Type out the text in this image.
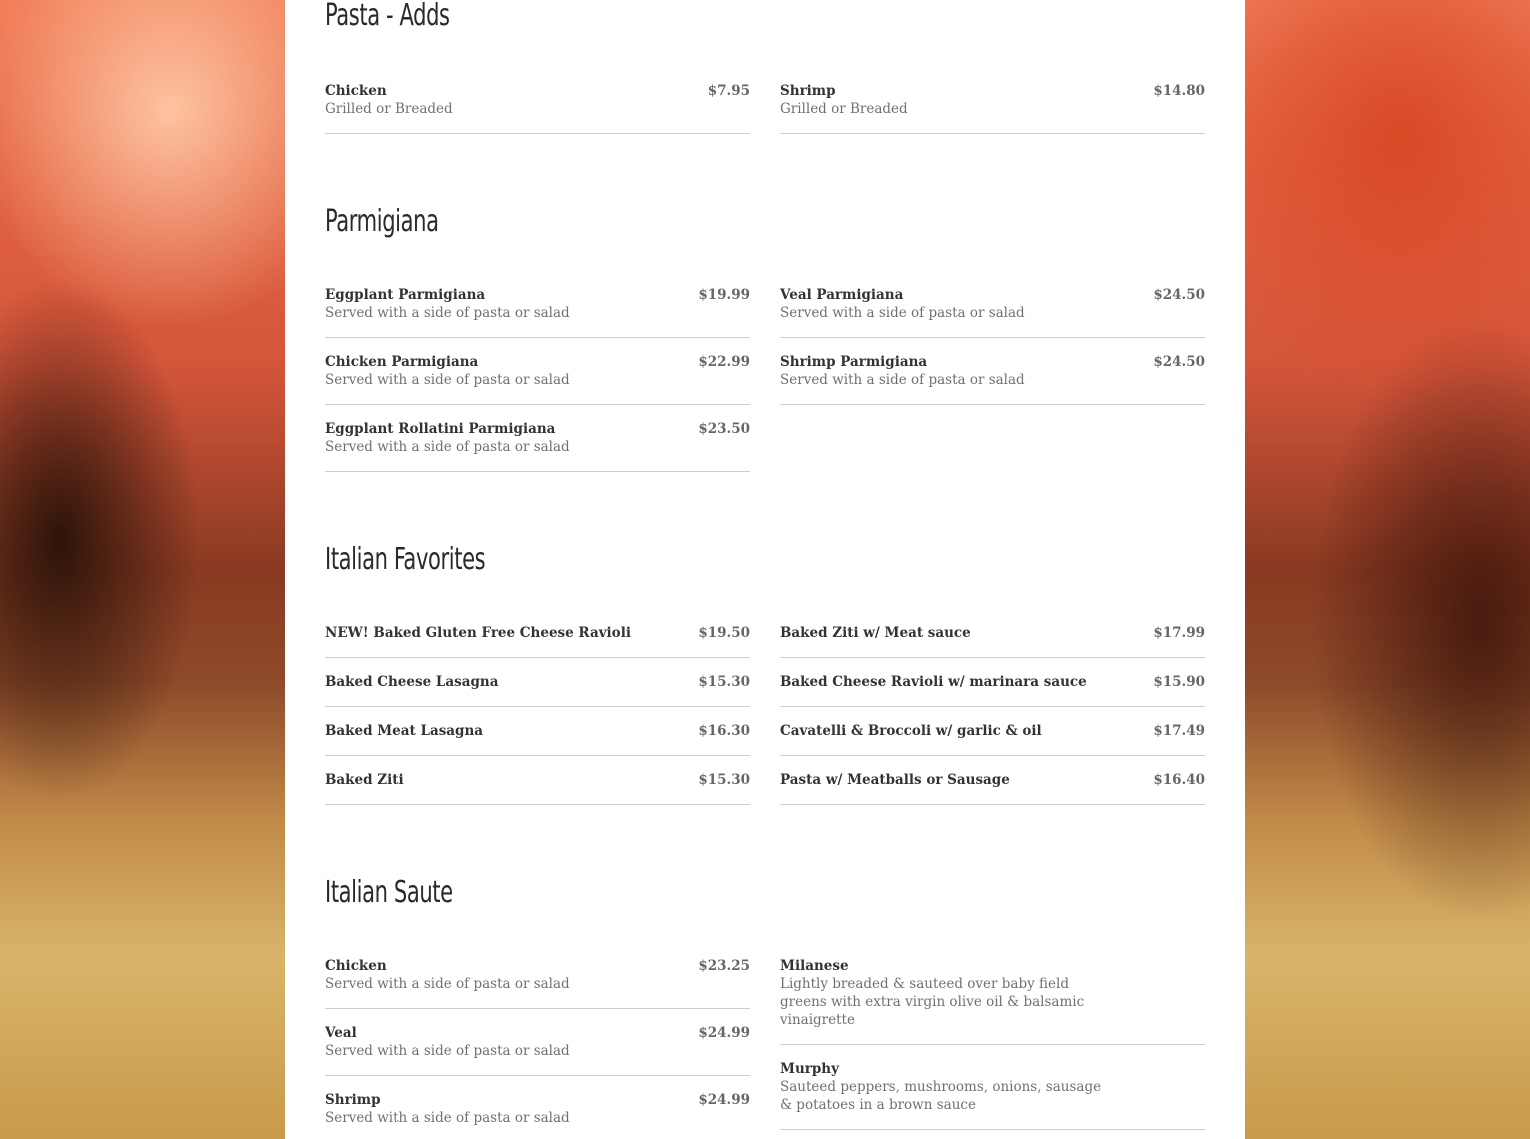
Pasta - Adds
Chicken	$7.95
Grilled or Breaded
Shrimp	$14.80
Grilled or Breaded
Parmigiana
Eggplant Parmigiana	$19.99
Served with a side of pasta or salad
Chicken Parmigiana	$22.99
Served with a side of pasta or salad
Eggplant Rollatini Parmigiana	$23.50
Served with a side of pasta or salad
Veal Parmigiana	$24.50
Served with a side of pasta or salad
Shrimp Parmigiana	$24.50
Served with a side of pasta or salad
Italian Favorites
NEW! Baked Gluten Free Cheese Ravioli	$19.50
Baked Cheese Lasagna	$15.30
Baked Meat Lasagna	$16.30
Baked Ziti	$15.30
Baked Ziti w/ Meat sauce	$17.99
Baked Cheese Ravioli w/ marinara sauce	$15.90
Cavatelli & Broccoli w/ garlic & oil	$17.49
Pasta w/ Meatballs or Sausage	$16.40
Italian Saute
Chicken	$23.25
Served with a side of pasta or salad
Veal	$24.99
Served with a side of pasta or salad
Shrimp	$24.99
Served with a side of pasta or salad
Milanese
Lightly breaded & sauteed over baby field greens with extra virgin olive oil & balsamic vinaigrette
Murphy
Sauteed peppers, mushrooms, onions, sausage & potatoes in a brown sauce
